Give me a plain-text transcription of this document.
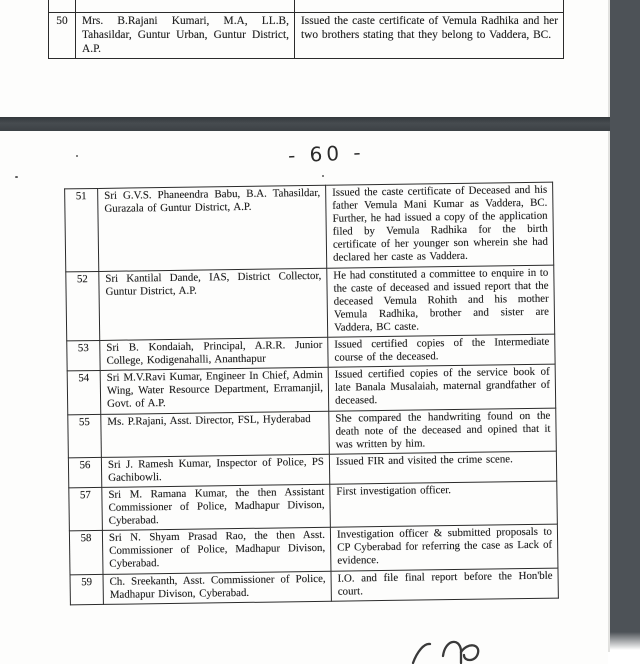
50	Mrs. B.Rajani Kumari, M.A, LL.B, Tahasildar, Guntur Urban, Guntur District, A.P.	Issued the caste certificate of Vemula Radhika and her two brothers stating that they belong to Vaddera, BC.
- 60 -
51	Sri G.V.S. Phaneendra Babu, B.A. Tahasildar, Gurazala of Guntur District, A.P.	Issued the caste certificate of Deceased and his father Vemula Mani Kumar as Vaddera, BC. Further, he had issued a copy of the application filed by Vemula Radhika for the birth certificate of her younger son wherein she had declared her caste as Vaddera.
52	Sri Kantilal Dande, IAS, District Collector, Guntur District, A.P.	He had constituted a committee to enquire in to the caste of deceased and issued report that the deceased Vemula Rohith and his mother Vemula Radhika, brother and sister are Vaddera, BC caste.
53	Sri B. Kondaiah, Principal, A.R.R. Junior College, Kodigenahalli, Ananthapur	Issued certified copies of the Intermediate course of the deceased.
54	Sri M.V.Ravi Kumar, Engineer In Chief, Admin Wing, Water Resource Department, Erramanjil, Govt. of A.P.	Issued certified copies of the service book of late Banala Musalaiah, maternal grandfather of deceased.
55	Ms. P.Rajani, Asst. Director, FSL, Hyderabad	She compared the handwriting found on the death note of the deceased and opined that it was written by him.
56	Sri J. Ramesh Kumar, Inspector of Police, PS Gachibowli.	Issued FIR and visited the crime scene.
57	Sri M. Ramana Kumar, the then Assistant Commissioner of Police, Madhapur Divison, Cyberabad.	First investigation officer.
58	Sri N. Shyam Prasad Rao, the then Asst. Commissioner of Police, Madhapur Divison, Cyberabad.	Investigation officer & submitted proposals to CP Cyberabad for referring the case as Lack of evidence.
59	Ch. Sreekanth, Asst. Commissioner of Police, Madhapur Divison, Cyberabad.	I.O. and file final report before the Hon'ble court.
